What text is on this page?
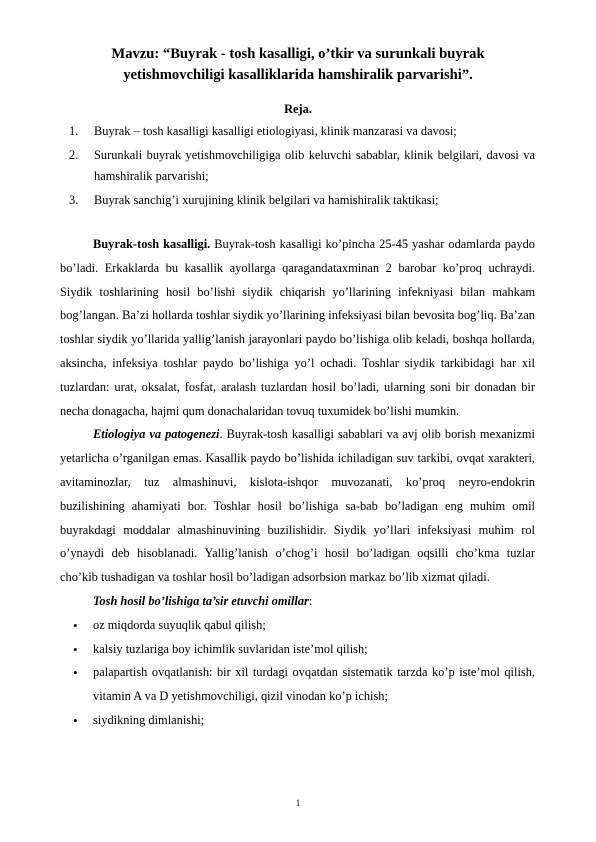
Mavzu: “Buyrak - tosh kasalligi, o’tkir va surunkali buyrak yetishmovchiligi kasalliklarida hamshiralik parvarishi”.
Reja.
1.	Buyrak – tosh kasalligi kasalligi etiologiyasi, klinik manzarasi va davosi;
2.	Surunkali buyrak yetishmovchiligiga olib keluvchi sabablar, klinik belgilari, davosi va hamshiralik parvarishi;
3.	Buyrak sanchig’i xurujining klinik belgilari va hamishiralik taktikasi;

Buyrak-tosh kasalligi. Buyrak-tosh kasalligi ko’pincha 25-45 yashar odamlarda paydo bo’ladi. Erkaklarda bu kasallik ayollarga qaragandataxminan 2 barobar ko’proq uchraydi. Siydik toshlarining hosil bo’lishi siydik chiqarish yo’llarining infekniyasi bilan mahkam bog’langan. Ba’zi hollarda toshlar siydik yo’llarining infeksiyasi bilan bevosita bog’liq. Ba’zan toshlar siydik yo’llarida yallig’lanish jarayonlari paydo bo’lishiga olib keladi, boshqa hollarda, aksincha, infeksiya toshlar paydo bo’lishiga yo’l ochadi. Toshlar siydik tarkibidagi har xil tuzlardan: urat, oksalat, fosfat, aralash tuzlardan hosil bo’ladi, ularning soni bir donadan bir necha donagacha, hajmi qum donachalaridan tovuq tuxumidek bo’lishi mumkin.

Etiologiya va patogenezi. Buyrak-tosh kasalligi sabablari va avj olib borish mexanizmi yetarlicha o’rganilgan emas. Kasallik paydo bo’lishida ichiladigan suv tarkibi, ovqat xarakteri, avitaminozlar, tuz almashinuvi, kislota-ishqor muvozanati, ko’proq neyro-endokrin buzilishining ahamiyati bor. Toshlar hosil bo’lishiga sa-bab bo’ladigan eng muhim omil buyrakdagi moddalar almashinuvining buzilishidir. Siydik yo’llari infeksiyasi muhim rol o’ynaydi deb hisoblanadi. Yallig’lanish o’chog’i hosil bo’ladigan oqsilli cho’kma tuzlar cho’kib tushadigan va toshlar hosil bo’ladigan adsorbsion markaz bo’lib xizmat qiladi.

Tosh hosil bo’lishiga ta’sir etuvchi omillar:

•	oz miqdorda suyuqlik qabul qilish;
•	kalsiy tuzlariga boy ichimlik suvlaridan iste’mol qilish;
•	palapartish ovqatlanish: bir xil turdagi ovqatdan sistematik tarzda ko’p iste’mol qilish, vitamin A va D yetishmovchiligi, qizil vinodan ko’p ichish;
•	siydikning dimlanishi;
1
